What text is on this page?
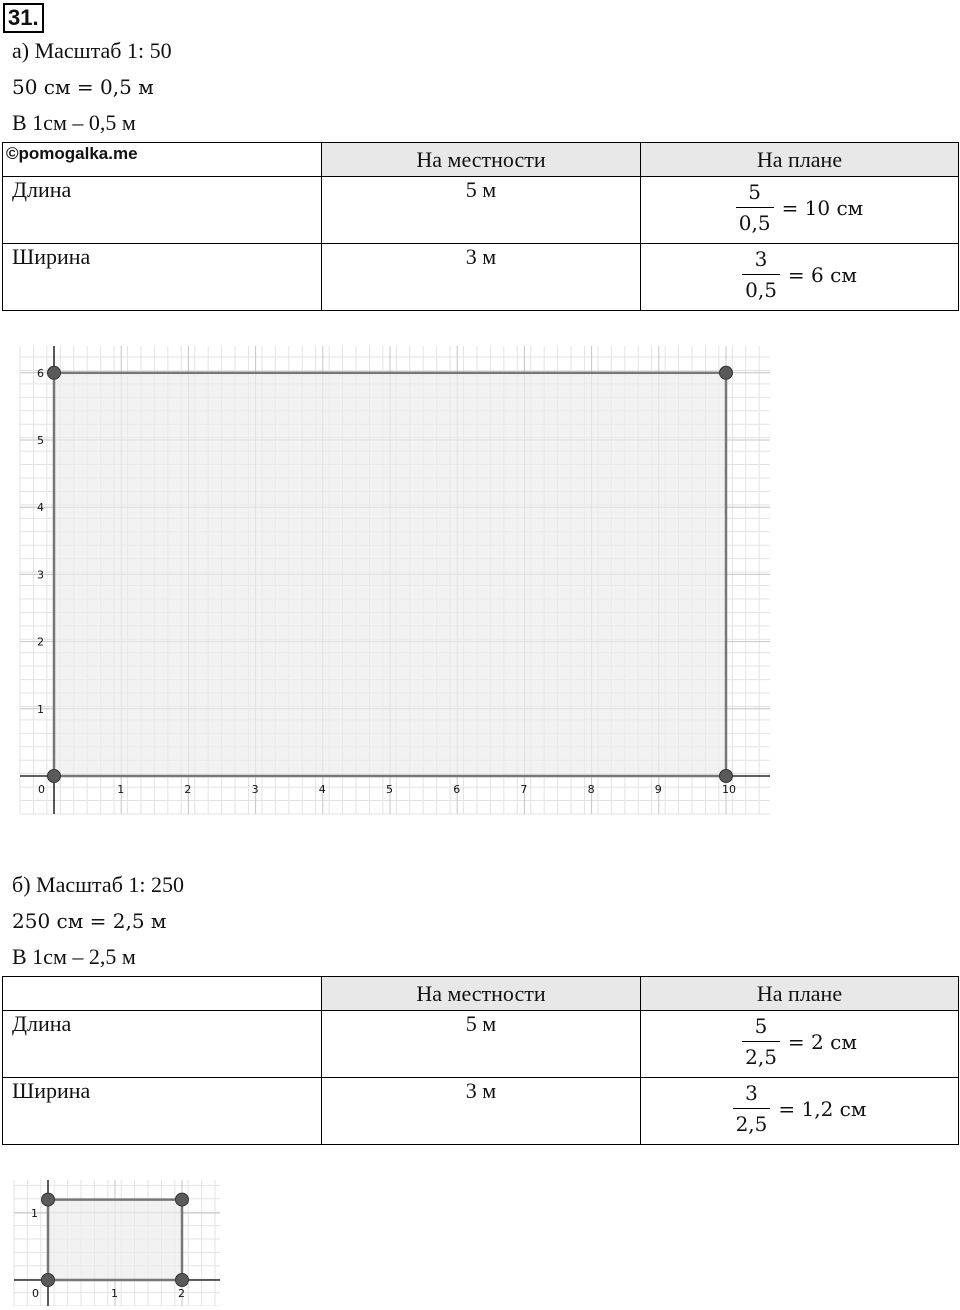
31.
а) Масштаб 1: 50
50 см = 0,5 м
В 1см – 0,5 м
©pomogalka.me	На местности	На плане
Длина	5 м	$\frac{5}{0,5} = 10$ см

Ширина	3 м	$\frac{3}{0,5} = 6$ см
0	1	2	3	4	5	6	7	8	9	10
1
2
3
4
5
6
б) Масштаб 1: 250
250 см = 2,5 м
В 1см – 2,5 м
	На местности	На плане
Длина	5 м	$\frac{5}{2,5} = 2$ см

Ширина	3 м	$\frac{3}{2,5} = 1,2$ см
0	1	2
1
